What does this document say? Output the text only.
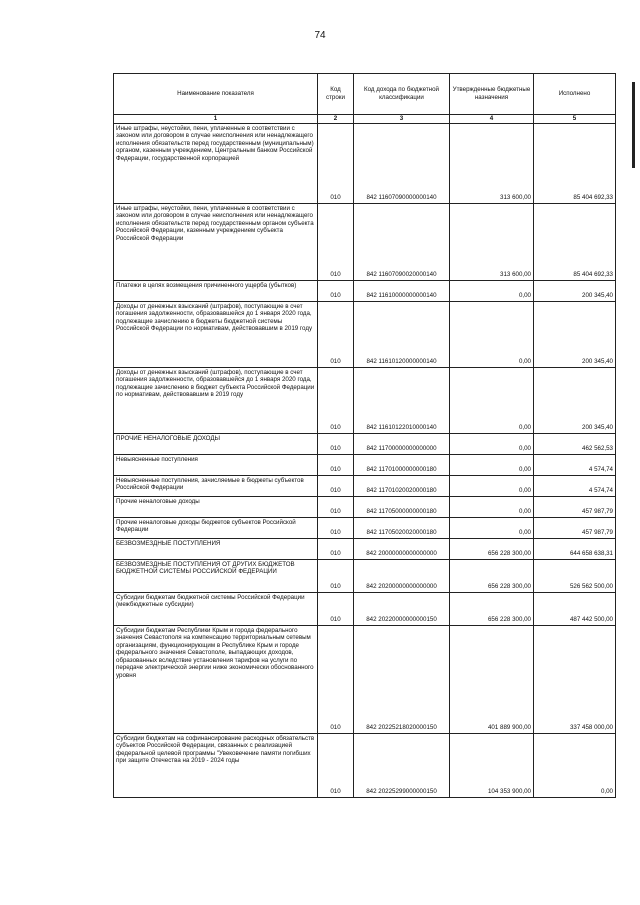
74
Наименование показателя	Код строки	Код дохода по бюджетной классификации	Утвержденные бюджетные назначения	Исполнено
1	2	3	4	5
Иные штрафы, неустойки, пени, уплаченные в соответствии с законом или договором в случае неисполнения или ненадлежащего исполнения обязательств перед государственным (муниципальным) органом, казенным учреждением, Центральным банком Российской Федерации, государственной корпорацией	010	842 11607090000000140	313 600,00	85 404 692,33
Иные штрафы, неустойки, пени, уплаченные в соответствии с законом или договором в случае неисполнения или ненадлежащего исполнения обязательств перед государственным органом субъекта Российской Федерации, казенным учреждением субъекта Российской Федерации	010	842 11607090020000140	313 600,00	85 404 692,33
Платежи в целях возмещения причиненного ущерба (убытков)	010	842 11610000000000140	0,00	200 345,40
Доходы от денежных взысканий (штрафов), поступающие в счет погашения задолженности, образовавшейся до 1 января 2020 года, подлежащие зачислению в бюджеты бюджетной системы Российской Федерации по нормативам, действовавшим в 2019 году	010	842 11610120000000140	0,00	200 345,40
Доходы от денежных взысканий (штрафов), поступающие в счет погашения задолженности, образовавшейся до 1 января 2020 года, подлежащие зачислению в бюджет субъекта Российской Федерации по нормативам, действовавшим в 2019 году	010	842 11610122010000140	0,00	200 345,40
ПРОЧИЕ НЕНАЛОГОВЫЕ ДОХОДЫ	010	842 11700000000000000	0,00	462 562,53
Невыясненные поступления	010	842 11701000000000180	0,00	4 574,74
Невыясненные поступления, зачисляемые в бюджеты субъектов Российской Федерации	010	842 11701020020000180	0,00	4 574,74
Прочие неналоговые доходы	010	842 11705000000000180	0,00	457 987,79
Прочие неналоговые доходы бюджетов субъектов Российской Федерации	010	842 11705020020000180	0,00	457 987,79
БЕЗВОЗМЕЗДНЫЕ ПОСТУПЛЕНИЯ	010	842 20000000000000000	656 228 300,00	644 658 638,31
БЕЗВОЗМЕЗДНЫЕ ПОСТУПЛЕНИЯ ОТ ДРУГИХ БЮДЖЕТОВ БЮДЖЕТНОЙ СИСТЕМЫ РОССИЙСКОЙ ФЕДЕРАЦИИ	010	842 20200000000000000	656 228 300,00	526 562 500,00
Субсидии бюджетам бюджетной системы Российской Федерации (межбюджетные субсидии)	010	842 20220000000000150	656 228 300,00	487 442 500,00
Субсидии бюджетам Республики Крым и города федерального значения Севастополя на компенсацию территориальным сетевым организациям, функционирующим в Республике Крым и городе федерального значения Севастополе, выпадающих доходов, образованных вследствие установления тарифов на услуги по передаче электрической энергии ниже экономически обоснованного уровня	010	842 20225218020000150	401 889 900,00	337 458 000,00
Субсидии бюджетам на софинансирование расходных обязательств субъектов Российской Федерации, связанных с реализацией федеральной целевой программы "Увековечение памяти погибших при защите Отечества на 2019 - 2024 годы	010	842 20225299000000150	104 353 900,00	0,00
